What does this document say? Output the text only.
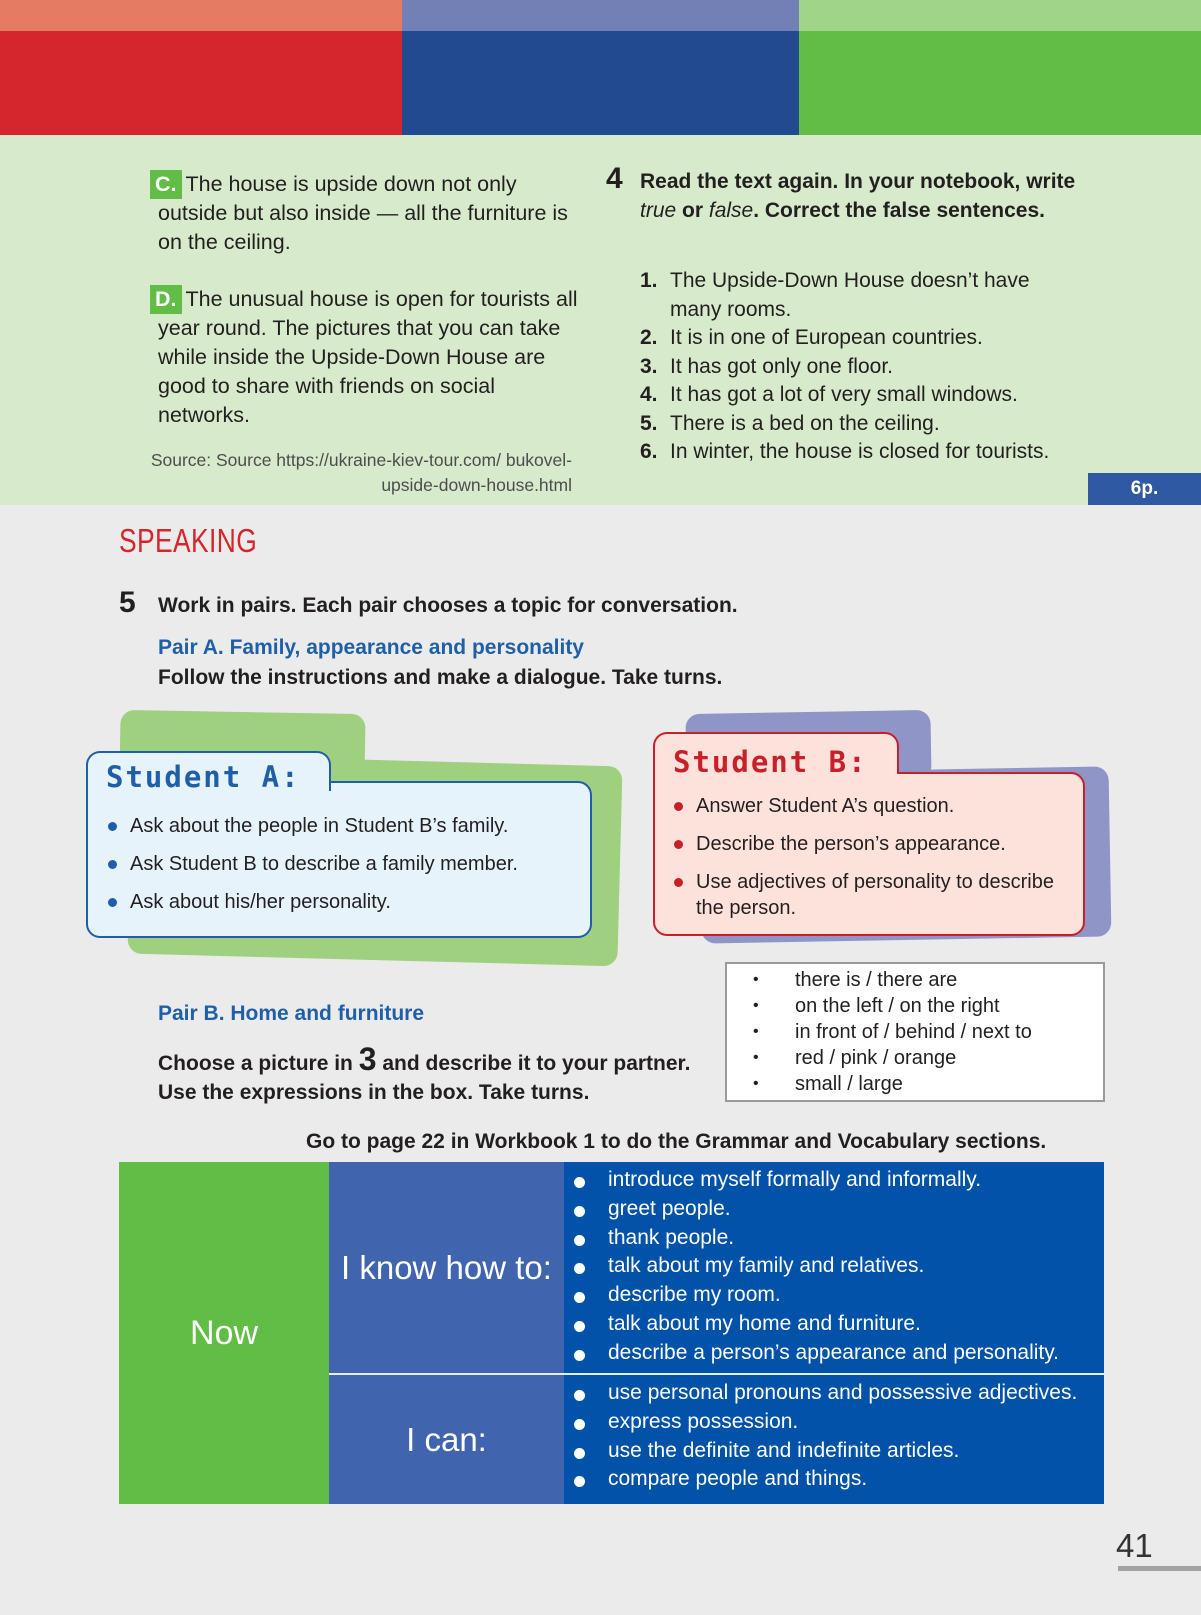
C. The house is upside down not only outside but also inside — all the furniture is on the ceiling.

D. The unusual house is open for tourists all year round. The pictures that you can take while inside the Upside-Down House are good to share with friends on social networks.

Source: Source https://ukraine-kiev-tour.com/ bukovel-upside-down-house.html

4 Read the text again. In your notebook, write true or false. Correct the false sentences.

1. The Upside-Down House doesn’t have many rooms.
2. It is in one of European countries.
3. It has got only one floor.
4. It has got a lot of very small windows.
5. There is a bed on the ceiling.
6. In winter, the house is closed for tourists.
6p.
SPEAKING
5 Work in pairs. Each pair chooses a topic for conversation.

Pair A. Family, appearance and personality

Follow the instructions and make a dialogue. Take turns.

Student A:
Ask about the people in Student B’s family.
Ask Student B to describe a family member.
Ask about his/her personality.
Student B:
Answer Student A’s question.
Describe the person’s appearance.
Use adjectives of personality to describe the person.
• there is / there are
• on the left / on the right
• in front of / behind / next to
• red / pink / orange
• small / large

Pair B. Home and furniture

Choose a picture in 3 and describe it to your partner. Use the expressions in the box. Take turns.

Go to page 22 in Workbook 1 to do the Grammar and Vocabulary sections.

Now
I know how to:
I can:
introduce myself formally and informally.
greet people.
thank people.
talk about my family and relatives.
describe my room.
talk about my home and furniture.
describe a person’s appearance and personality.
use personal pronouns and possessive adjectives.
express possession.
use the definite and indefinite articles.
compare people and things.
41
